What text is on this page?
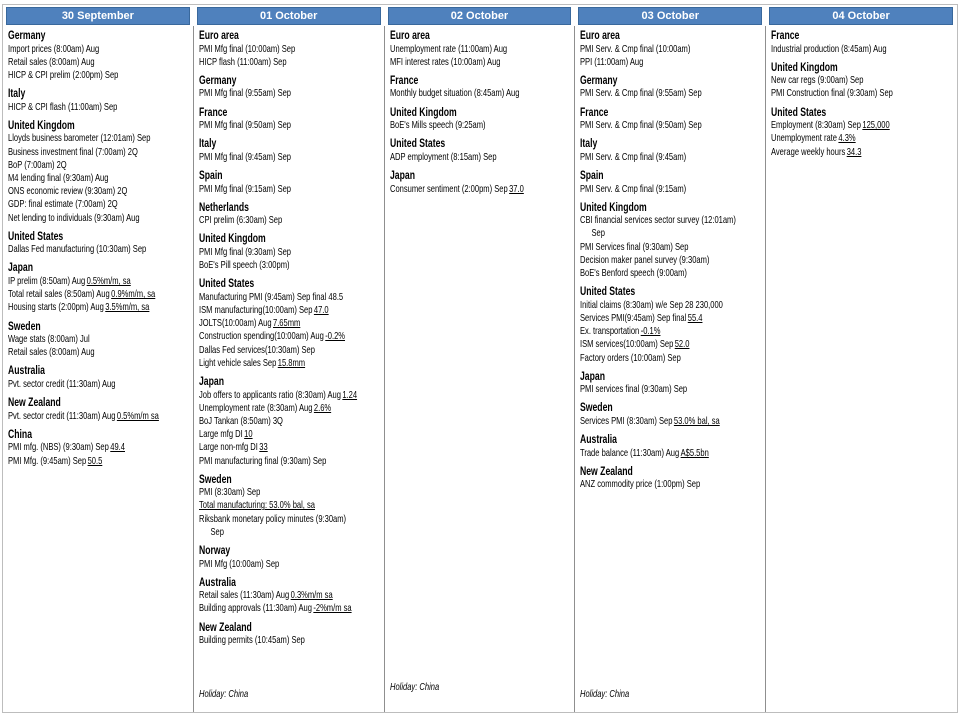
30 September
Germany
Import prices (8:00am) Aug
Retail sales (8:00am) Aug
HICP & CPI prelim (2:00pm) Sep
Italy
HICP & CPI flash (11:00am) Sep
United Kingdom
Lloyds business barometer (12:01am) Sep
Business investment final (7:00am) 2Q
BoP (7:00am) 2Q
M4 lending final (9:30am) Aug
ONS economic review (9:30am) 2Q
GDP: final estimate (7:00am) 2Q
Net lending to individuals (9:30am) Aug
United States
Dallas Fed manufacturing (10:30am) Sep
Japan
IP prelim (8:50am) Aug0.5%m/m, sa
Total retail sales (8:50am) Aug0.9%m/m, sa
Housing starts (2:00pm) Aug3.5%m/m, sa
Sweden
Wage stats (8:00am) Jul
Retail sales (8:00am) Aug
Australia
Pvt. sector credit (11:30am) Aug
New Zealand
Pvt. sector credit (11:30am) Aug0.5%m/m sa
China
PMI mfg. (NBS) (9:30am) Sep49.4
PMI Mfg. (9:45am) Sep50.5
01 October
Euro area
PMI Mfg final (10:00am) Sep
HICP flash (11:00am) Sep
Germany
PMI Mfg final (9:55am) Sep
France
PMI Mfg final (9:50am) Sep
Italy
PMI Mfg final (9:45am) Sep
Spain
PMI Mfg final (9:15am) Sep
Netherlands
CPI prelim (6:30am) Sep
United Kingdom
PMI Mfg final (9:30am) Sep
BoE's Pill speech (3:00pm)
United States
Manufacturing PMI (9:45am) Sep final 48.5
ISM manufacturing(10:00am) Sep47.0
JOLTS(10:00am) Aug7.65mm
Construction spending(10:00am) Aug-0.2%
Dallas Fed services(10:30am) Sep
Light vehicle sales Sep15.8mm
Japan
Job offers to applicants ratio (8:30am) Aug1.24
Unemployment rate (8:30am) Aug2.6%
BoJ Tankan (8:50am) 3Q
Large mfg DI10
Large non-mfg DI33
PMI manufacturing final (9:30am) Sep
Sweden
PMI (8:30am) Sep
Total manufacturing: 53.0% bal, sa
Riksbank monetary policy minutes (9:30am)
Sep
Norway
PMI Mfg (10:00am) Sep
Australia
Retail sales (11:30am) Aug0.3%m/m sa
Building approvals (11:30am) Aug-2%m/m sa
New Zealand
Building permits (10:45am) Sep
Holiday: China
02 October
Euro area
Unemployment rate (11:00am) Aug
MFI interest rates (10:00am) Aug
France
Monthly budget situation (8:45am) Aug
United Kingdom
BoE's Mills speech (9:25am)
United States
ADP employment (8:15am) Sep
Japan
Consumer sentiment (2:00pm) Sep37.0
Holiday: China
03 October
Euro area
PMI Serv. & Cmp final (10:00am)
PPI (11:00am) Aug
Germany
PMI Serv. & Cmp final (9:55am) Sep
France
PMI Serv. & Cmp final (9:50am) Sep
Italy
PMI Serv. & Cmp final (9:45am)
Spain
PMI Serv. & Cmp final (9:15am)
United Kingdom
CBI financial services sector survey (12:01am)
Sep
PMI Services final (9:30am) Sep
Decision maker panel survey (9:30am)
BoE's Benford speech (9:00am)
United States
Initial claims (8:30am) w/e Sep 28 230,000
Services PMI(9:45am) Sep final55.4
Ex. transportation-0.1%
ISM services(10:00am) Sep52.0
Factory orders (10:00am) Sep
Japan
PMI services final (9:30am) Sep
Sweden
Services PMI (8:30am) Sep53.0% bal, sa
Australia
Trade balance (11:30am) AugA$5.5bn
New Zealand
ANZ commodity price (1:00pm) Sep
Holiday: China
04 October
France
Industrial production (8:45am) Aug
United Kingdom
New car regs (9:00am) Sep
PMI Construction final (9:30am) Sep
United States
Employment (8:30am) Sep125,000
Unemployment rate4.3%
Average weekly hours34.3
